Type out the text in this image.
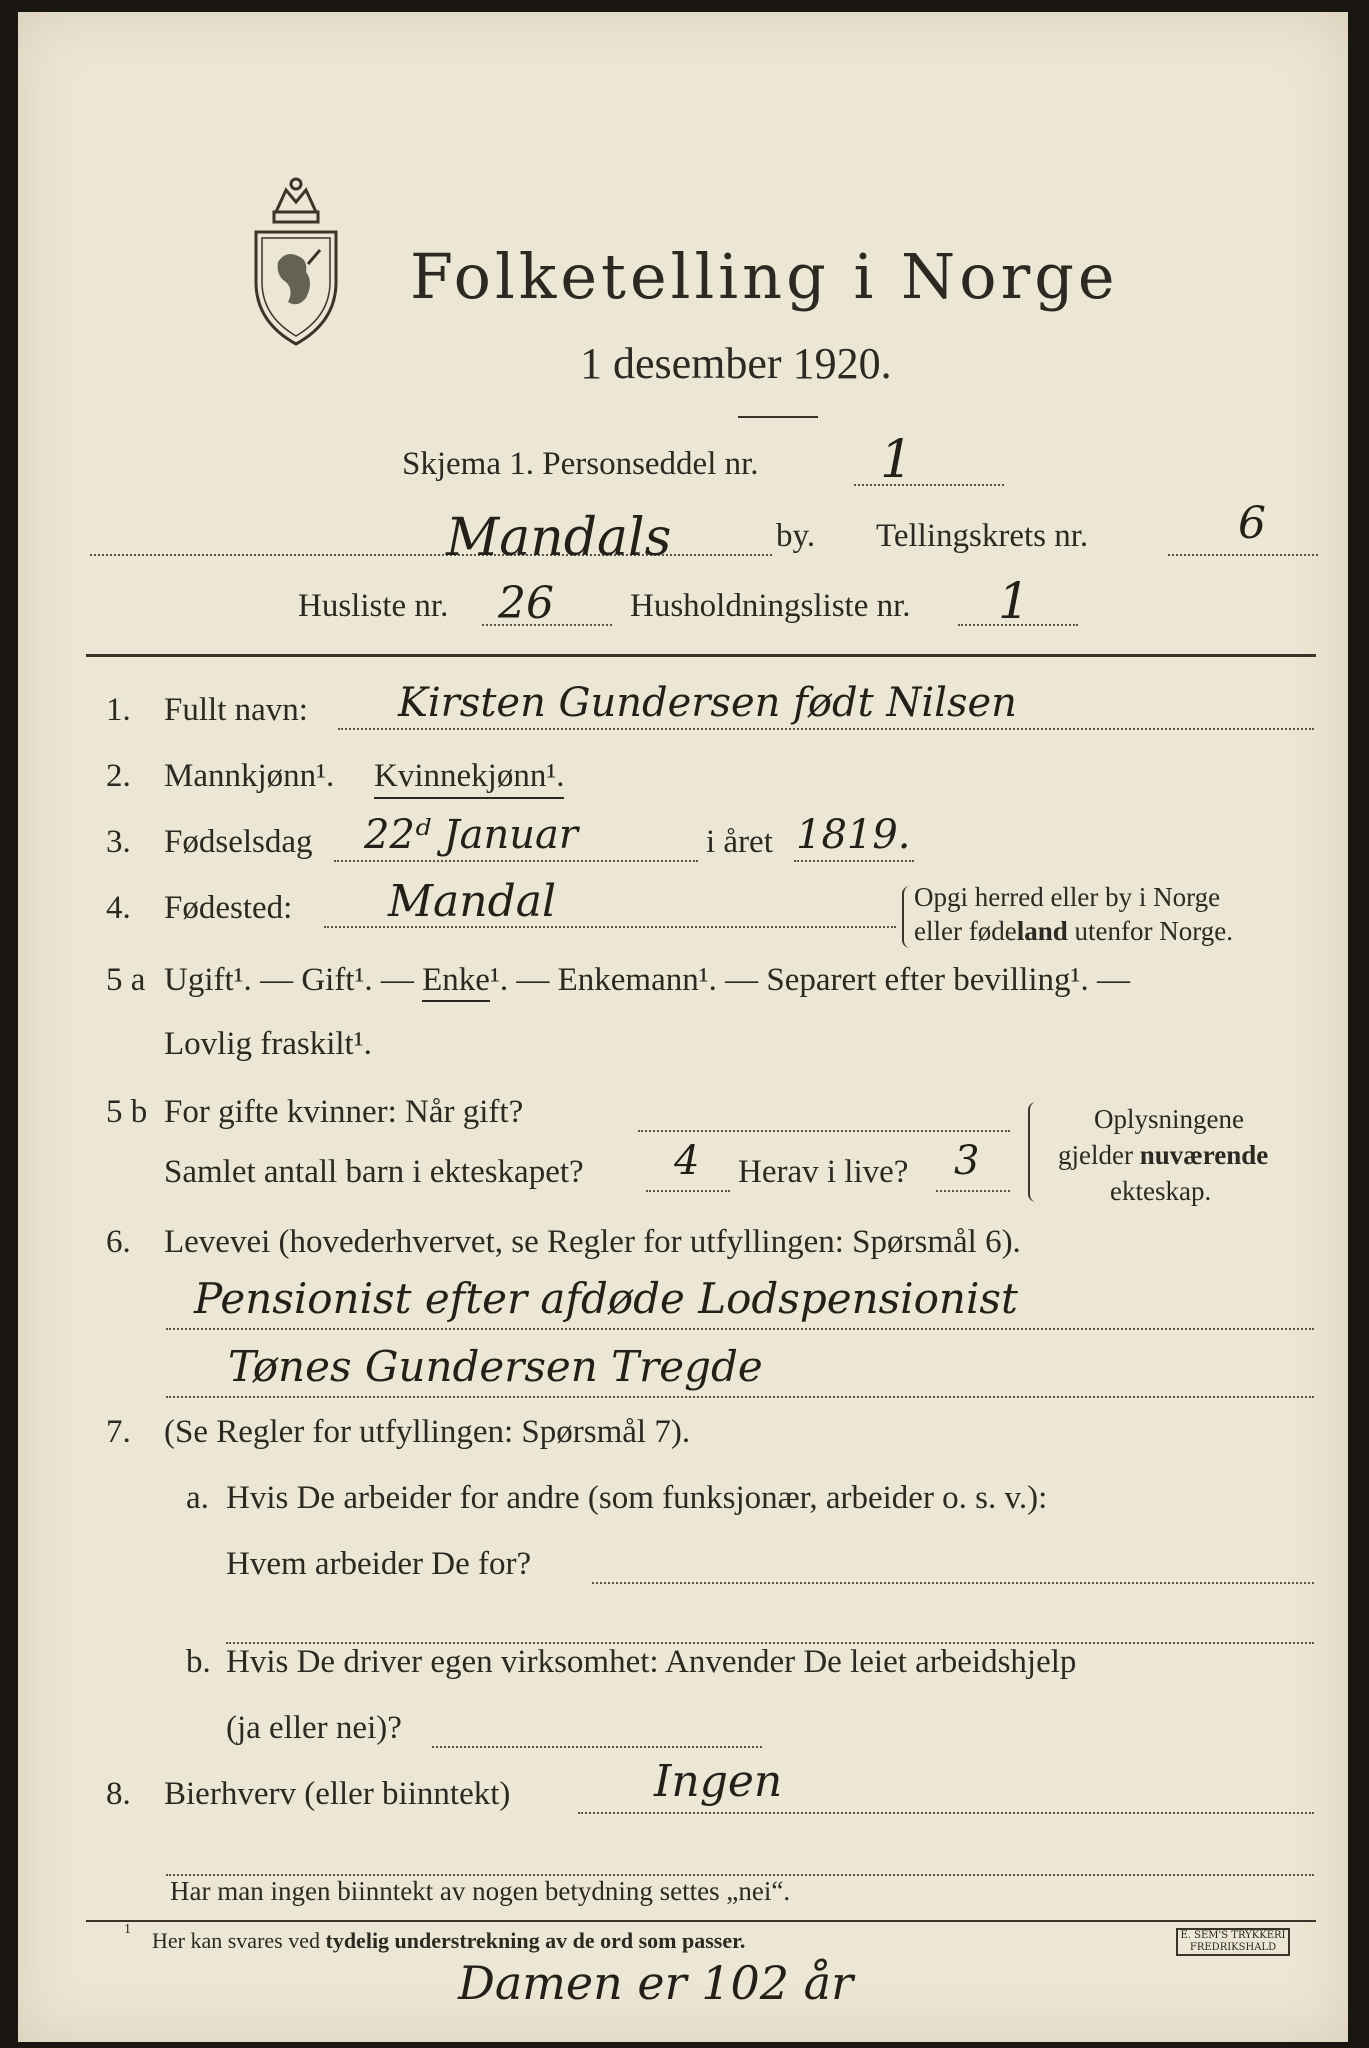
Folketelling i Norge
1 desember 1920.
Skjema 1. Personseddel nr. 1
Mandals	by. Tellingskrets nr.	6
Husliste nr. 26 Husholdningsliste nr. 1
1. Fullt navn: Kirsten Gundersen født Nilsen
2. Mannkjønn¹. Kvinnekjønn¹.
3. Fødselsdag 22ᵈ Januar	i året 1819.
4. Fødested: Mandal	Opgi herred eller by i Norge
eller fødeland utenfor Norge.
5 a Ugift¹. — Gift¹. — Enke¹. — Enkemann¹. — Separert efter bevilling¹. —
Lovlig fraskilt¹.
5 b For gifte kvinner: Når gift?
Samlet antall barn i ekteskapet? 4 Herav i live? 3
Oplysningene
gjelder nuværende
ekteskap.
6. Levevei (hovederhvervet, se Regler for utfyllingen: Spørsmål 6).
Pensionist efter afdøde Lodspensionist
Tønes Gundersen Tregde
7. (Se Regler for utfyllingen: Spørsmål 7).
a. Hvis De arbeider for andre (som funksjonær, arbeider o. s. v.):
Hvem arbeider De for?
b. Hvis De driver egen virksomhet: Anvender De leiet arbeidshjelp
(ja eller nei)?
8. Bierhverv (eller biinntekt)	Ingen
Har man ingen biinntekt av nogen betydning settes „nei“.
1 Her kan svares ved tydelig understrekning av de ord som passer.	E. SEM'S TRYKKERI
FREDRIKSHALD
Damen er 102 år
